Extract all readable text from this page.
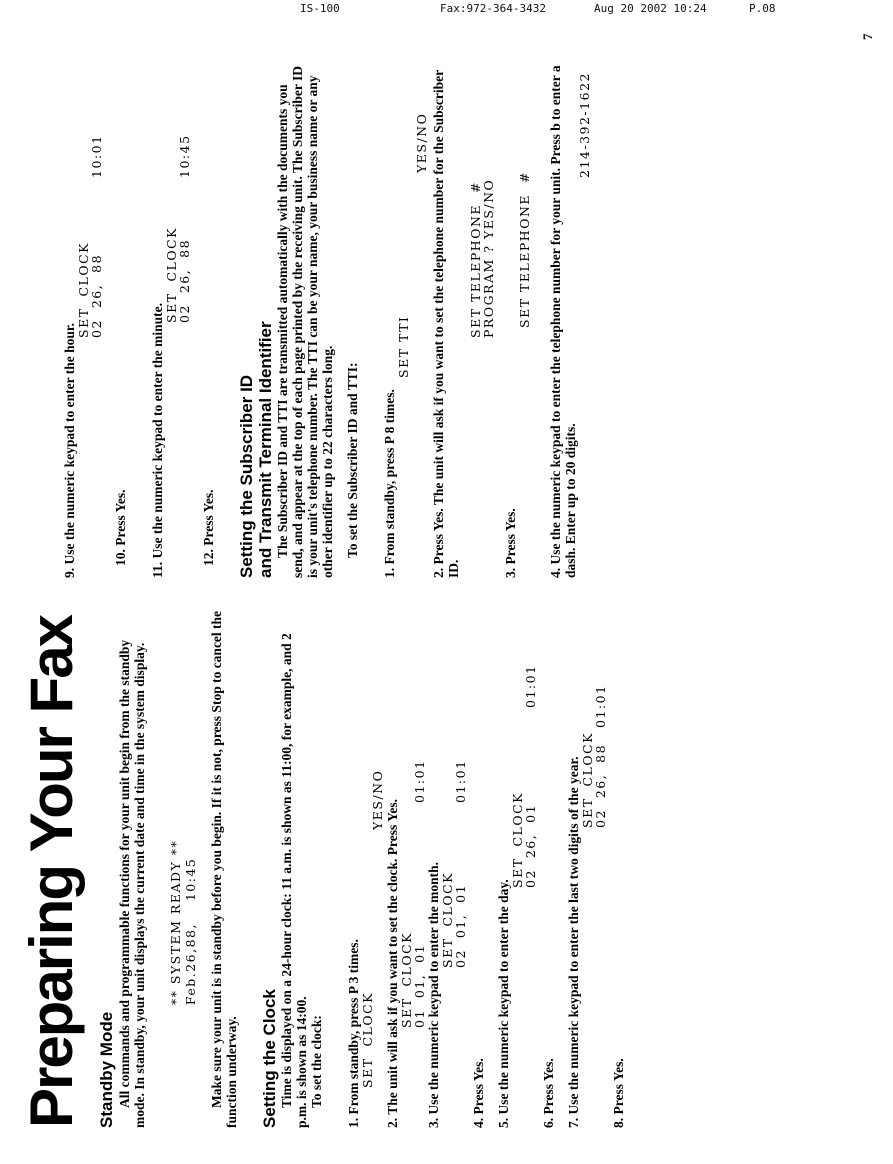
IS-100	Fax:972-364-3432	Aug 20 2002 10:24	P.08
Preparing Your Fax Standby Mode All commands and programmable functions for your unit begin from the standby mode. In standby, your unit displays the current date and time in the system display.

** SYSTEM READY **

Feb.26,88,    10:45

Make sure your unit is in standby before you begin. If it is not, press Stop to cancel the function underway. Setting the Clock Time is displayed on a 24-hour clock: 11 a.m. is shown as 11:00, for example, and 2 p.m. is shown as 14:00. To set the clock: 1. From standby, press P 3 times.

SET  CLOCK

YES/NO

2. The unit will ask if you want to set the clock. Press Yes.

SET  CLOCK

01  01,  01

01:01

3. Use the numeric keypad to enter the month.

SET  CLOCK

02  01,  01

01:01

4. Press Yes. 5. Use the numeric keypad to enter the day.

SET  CLOCK

02  26,  01

01:01

6. Press Yes. 7. Use the numeric keypad to enter the last two digits of the year.

SET  CLOCK

02  26,  88

01:01

8. Press Yes.
9. Use the numeric keypad to enter the hour.

SET  CLOCK

02  26,  88

10:01

10. Press Yes. 11. Use the numeric keypad to enter the minute.

SET  CLOCK

02  26,  88

10:45

12. Press Yes. Setting the Subscriber ID and Transmit Terminal Identifier The Subscriber ID and TTI are transmitted automatically with the documents you send, and appear at the top of each page printed by the receiving unit. The Subscriber ID is your unit's telephone number. The TTI can be your name, your business name or any other identifier up to 22 characters long. To set the Subscriber ID and TTI: 1. From standby, press P 8 times.

SET TTI

YES/NO

2. Press Yes. The unit will ask if you want to set the telephone number for the Subscriber ID.

SET TELEPHONE  #

PROGRAM ? YES/NO

3. Press Yes.

SET TELEPHONE  #

4. Use the numeric keypad to enter the telephone number for your unit. Press b to enter a dash. Enter up to 20 digits.

214-392-1622

7
